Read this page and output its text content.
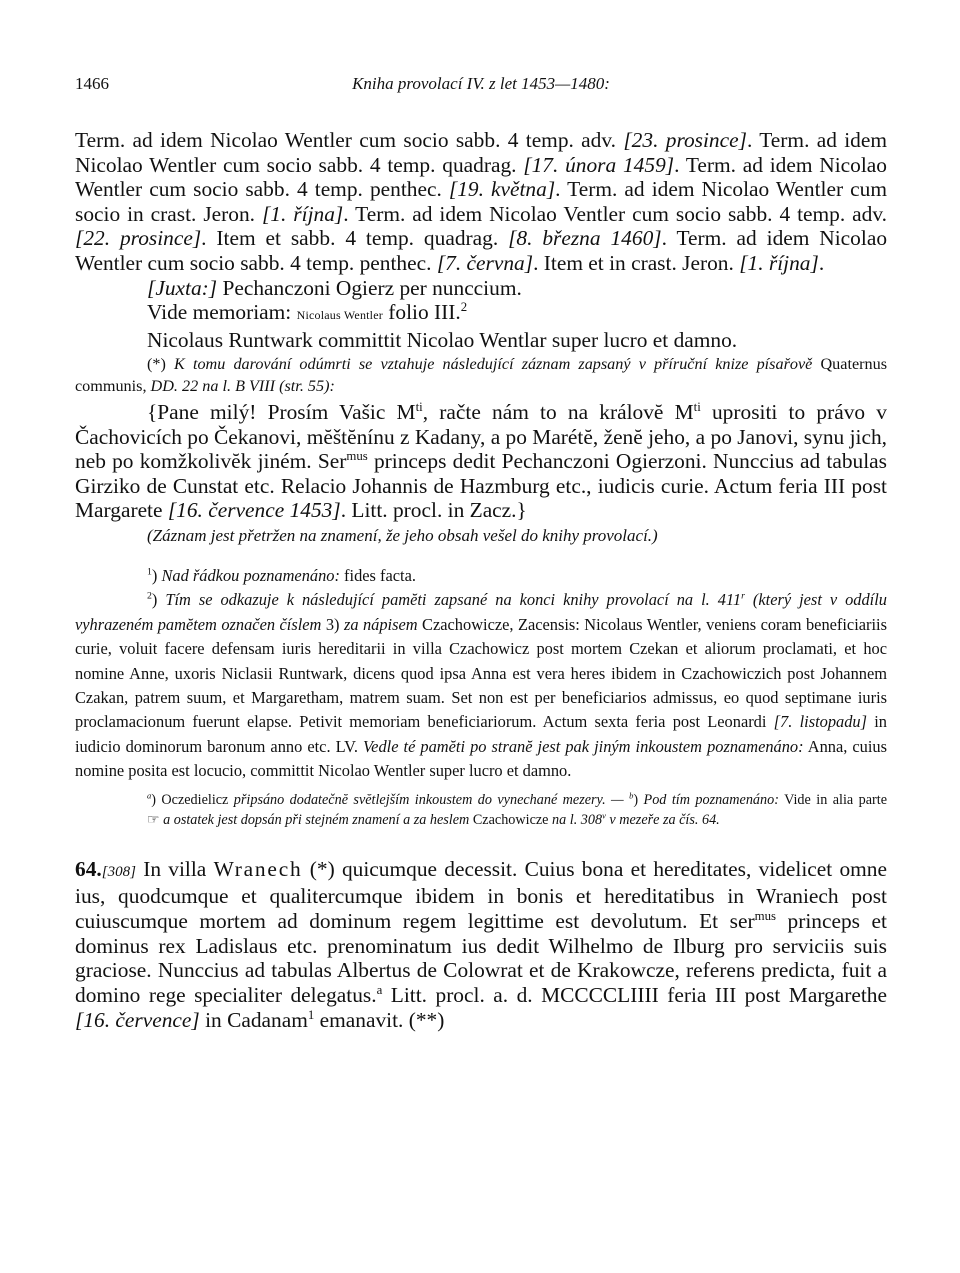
1466	Kniha provolací IV. z let 1453—1480:

Term. ad idem Nicolao Wentler cum socio sabb. 4 temp. adv. [23. prosince]. Term. ad idem Nicolao Wentler cum socio sabb. 4 temp. quadrag. [17. února 1459]. Term. ad idem Nicolao Wentler cum socio sabb. 4 temp. penthec. [19. května]. Term. ad idem Nicolao Wentler cum socio in crast. Jeron. [1. října]. Term. ad idem Nicolao Ventler cum socio sabb. 4 temp. adv. [22. prosince]. Item et sabb. 4 temp. quadrag. [8. března 1460]. Term. ad idem Nicolao Wentler cum socio sabb. 4 temp. penthec. [7. června]. Item et in crast. Jeron. [1. října].

[Juxta:] Pechanczoni Ogierz per nunccium.

Vide memoriam: Nicolaus Wentler folio III.$^2$

Nicolaus Runtwark committit Nicolao Wentlar super lucro et damno.

(*) K tomu darování odúmrti se vztahuje následující záznam zapsaný v příruční knize písařově Quaternus communis, DD. 22 na l. B VIII (str. 55):

{Pane milý! Prosím Vašic $M^{ti}$, račte nám to na královĕ $M^{ti}$ uprositi to právo v Čachovicích po Čekanovi, mĕštĕnínu z Kadany, a po Marétĕ, ženĕ jeho, a po Janovi, synu jich, neb po komžkolivĕk jiném. Ser$^{mus}$ princeps dedit Pechanczoni Ogierzoni. Nunccius ad tabulas Girziko de Cunstat etc. Relacio Johannis de Hazmburg etc., iudicis curie. Actum feria III post Margarete [16. července 1453]. Litt. procl. in Zacz.}

(Záznam jest přetržen na znamení, že jeho obsah vešel do knihy provolací.)

$^1$) Nad řádkou poznamenáno: fides facta.

$^2$) Tím se odkazuje k následující pamĕti zapsané na konci knihy provolací na l. 411$^r$ (který jest v oddílu vyhrazeném pamĕtem označen číslem 3) za nápisem Czachowicze, Zacensis: Nicolaus Wentler, veniens coram beneficiariis curie, voluit facere defensam iuris hereditarii in villa Czachowicz post mortem Czekan et aliorum proclamati, et hoc nomine Anne, uxoris Niclasii Runtwark, dicens quod ipsa Anna est vera heres ibidem in Czachowiczich post Johannem Czakan, patrem suum, et Margaretham, matrem suam. Set non est per beneficiarios admissus, eo quod septimane iuris proclamacionum fuerunt elapse. Petivit memoriam beneficiariorum. Actum sexta feria post Leonardi [7. listopadu] in iudicio dominorum baronum anno etc. LV. Vedle té pamĕti po stranĕ jest pak jiným inkoustem poznamenáno: Anna, cuius nomine posita est locucio, committit Nicolao Wentler super lucro et damno.

$^a$) Oczedielicz připsáno dodatečnĕ svĕtlejším inkoustem do vynechané mezery. — $^b$) Pod tím poznamenáno: Vide in alia parte ☞ a ostatek jest dopsán při stejném znamení a za heslem Czachowicze na l. 308$^v$ v mezeře za čís. 64.

64.[308] In villa Wranech (*) quicumque decessit. Cuius bona et hereditates, videlicet omne ius, quodcumque et qualitercumque ibidem in bonis et hereditatibus in Wraniech post cuiuscumque mortem ad dominum regem legittime est devolutum. Et ser$^{mus}$ princeps et dominus rex Ladislaus etc. prenominatum ius dedit Wilhelmo de Ilburg pro serviciis suis graciose. Nunccius ad tabulas Albertus de Colowrat et de Krakowcze, referens predicta, fuit a domino rege specialiter delegatus.$^a$ Litt. procl. a. d. MCCCCLIIII feria III post Margarethe [16. července] in Cadanam$^1$ emanavit. (**)
